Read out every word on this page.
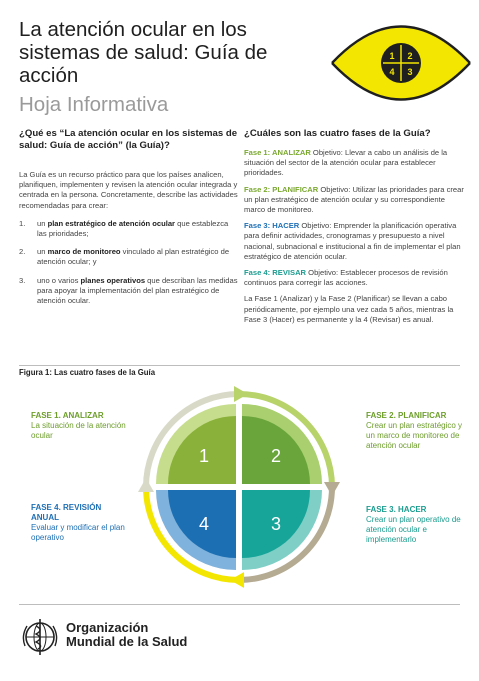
La atención ocular en los sistemas de salud: Guía de acción
Hoja Informativa
1 2
3
4
¿Qué es “La atención ocular en los sistemas de salud: Guía de acción” (la Guía)?

La Guía es un recurso práctico para que los países analicen, planifiquen, implementen y revisen la atención ocular integrada y centrada en la persona. Concretamente, describe las actividades recomendadas para crear:

1. un plan estratégico de atención ocular que establezca las prioridades;
2. un marco de monitoreo vinculado al plan estratégico de atención ocular; y
3. uno o varios planes operativos que describan las medidas para apoyar la implementación del plan estratégico de atención ocular.
¿Cuáles son las cuatro fases de la Guía?

Fase 1: ANALIZAR Objetivo: Llevar a cabo un análisis de la situación del sector de la atención ocular para establecer prioridades.

Fase 2: PLANIFICAR Objetivo: Utilizar las prioridades para crear un plan estratégico de atención ocular y su correspondiente marco de monitoreo.

Fase 3: HACER Objetivo: Emprender la planificación operativa para definir actividades, cronogramas y presupuesto a nivel nacional, subnacional e institucional a fin de implementar el plan estratégico de atención ocular.

Fase 4: REVISAR Objetivo: Establecer procesos de revisión continuos para corregir las acciones.

La Fase 1 (Analizar) y la Fase 2 (Planificar) se llevan a cabo periódicamente, por ejemplo una vez cada 5 años, mientras la Fase 3 (Hacer) es permanente y la 4 (Revisar) es anual.

Figura 1: Las cuatro fases de la Guía
FASE 1. ANALIZAR
La situación de la atención ocular
FASE 2. PLANIFICAR
Crear un plan estratégico y un marco de monitoreo de atención ocular
FASE 3. HACER
Crear un plan operativo de atención ocular e implementarlo
FASE 4. REVISIÓN ANUAL
Evaluar y modificar el plan operativo
1	2
3
4
Organización
Mundial de la Salud
